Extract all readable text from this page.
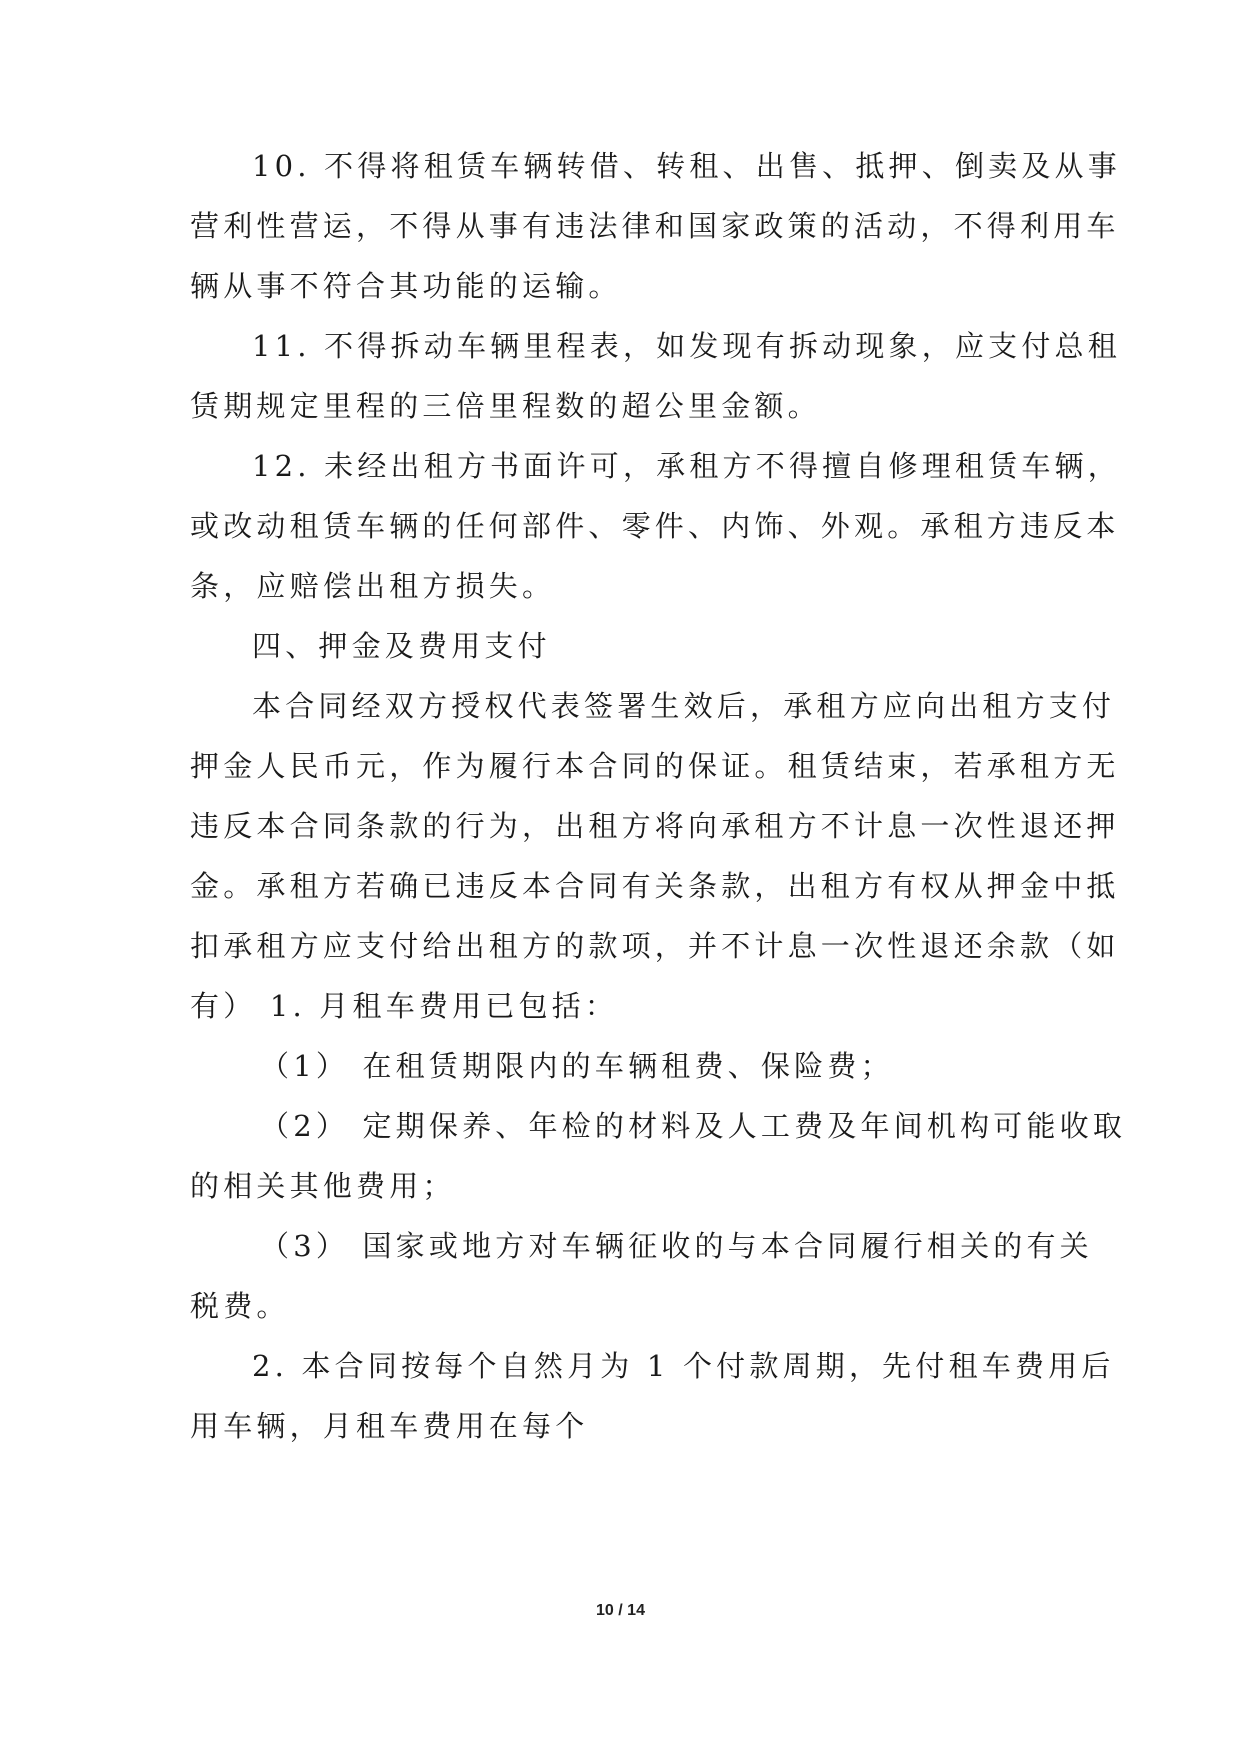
10. 不得将租赁车辆转借、转租、出售、抵押、倒卖及从事
营利性营运，不得从事有违法律和国家政策的活动，不得利用车
辆从事不符合其功能的运输。
11. 不得拆动车辆里程表，如发现有拆动现象，应支付总租
赁期规定里程的三倍里程数的超公里金额。
12. 未经出租方书面许可，承租方不得擅自修理租赁车辆，
或改动租赁车辆的任何部件、零件、内饰、外观。承租方违反本
条，应赔偿出租方损失。
四、押金及费用支付
本合同经双方授权代表签署生效后，承租方应向出租方支付
押金人民币元，作为履行本合同的保证。租赁结束，若承租方无
违反本合同条款的行为，出租方将向承租方不计息一次性退还押
金。承租方若确已违反本合同有关条款，出租方有权从押金中抵
扣承租方应支付给出租方的款项，并不计息一次性退还余款（如
有） 1. 月租车费用已包括：
（1） 在租赁期限内的车辆租费、保险费；
（2） 定期保养、年检的材料及人工费及年间机构可能收取
的相关其他费用；
（3） 国家或地方对车辆征收的与本合同履行相关的有关
税费。
2. 本合同按每个自然月为 1 个付款周期，先付租车费用后
用车辆，月租车费用在每个
10 / 14
